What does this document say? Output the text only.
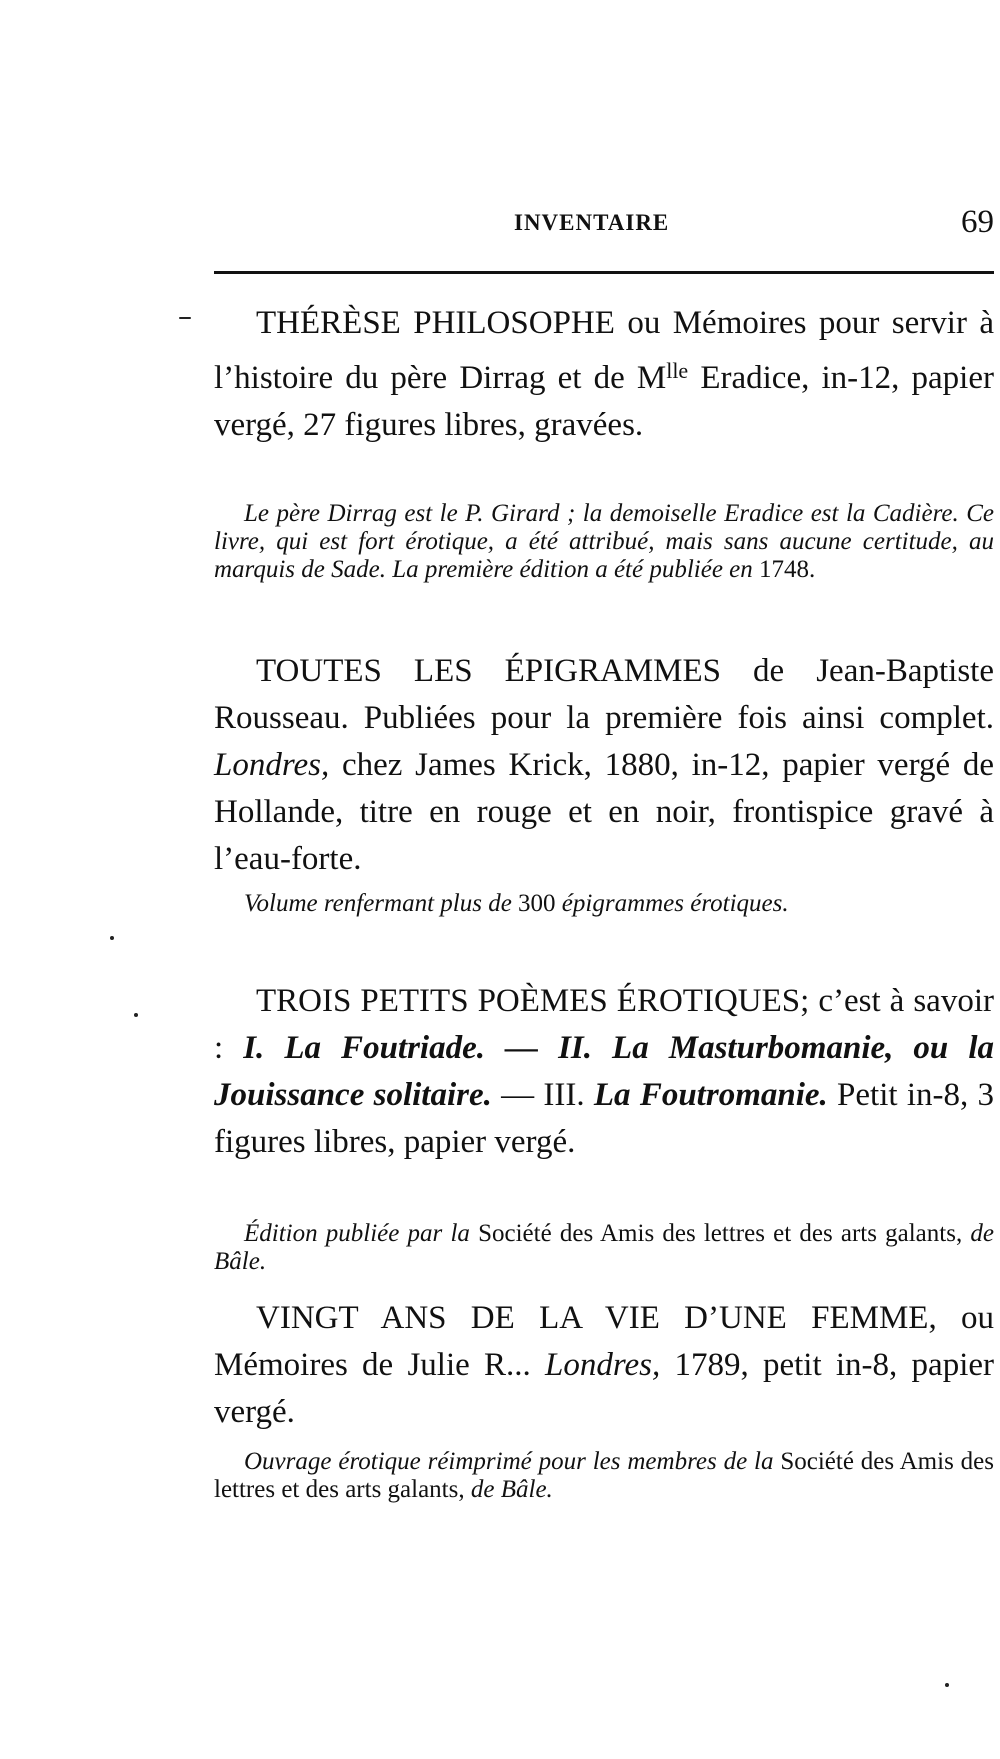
INVENTAIRE	69
THÉRÈSE PHILOSOPHE ou Mémoires pour servir à l’histoire du père Dirrag et de $M^{lle}$ Eradice, in-12, papier vergé, 27 figures libres, gravées.
Le père Dirrag est le P. Girard ; la demoiselle Eradice est la Cadière. Ce livre, qui est fort érotique, a été attribué, mais sans aucune certitude, au marquis de Sade. La première édition a été publiée en 1748.
TOUTES LES ÉPIGRAMMES de Jean-Baptiste Rousseau. Publiées pour la première fois ainsi complet. Londres, chez James Krick, 1880, in-12, papier vergé de Hollande, titre en rouge et en noir, frontispice gravé à l’eau-forte.
Volume renfermant plus de 300 épigrammes érotiques.
TROIS PETITS POÈMES ÉROTIQUES; c’est à savoir : I. La Foutriade. — II. La Masturbomanie, ou la Jouissance solitaire. — III. La Foutromanie. Petit in-8, 3 figures libres, papier vergé.
Édition publiée par la Société des Amis des lettres et des arts galants, de Bâle.
VINGT ANS DE LA VIE D’UNE FEMME, ou Mémoires de Julie R... Londres, 1789, petit in-8, papier vergé.
Ouvrage érotique réimprimé pour les membres de la Société des Amis des lettres et des arts galants, de Bâle.
